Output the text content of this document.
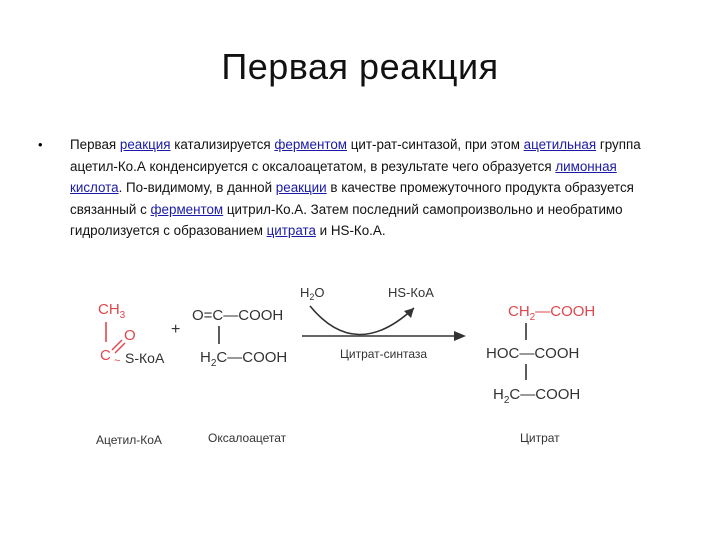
Первая реакция
• Первая реакция катализируется ферментом цит-рат-синтазой, при этом ацетильная группа ацетил-Ко.А конденсируется с оксалоацетатом, в результате чего образуется лимонная кислота. По-видимому, в данной реакции в качестве промежуточного продукта образуется связанный с ферментом цитрил-Ко.А. Затем последний самопроизвольно и необратимо гидролизуется с образованием цитрата и HS-Ко.А.
$CH_3$
C
O
~ S-КоА
+
O=C—COOH
$H_2C—COOH$
$H_2O$	HS-КоА
Цитрат-синтаза
$CH_2—COOH$
HOC—COOH
$H_2C—COOH$
Ацетил-КоА	Оксалоацетат	Цитрат
